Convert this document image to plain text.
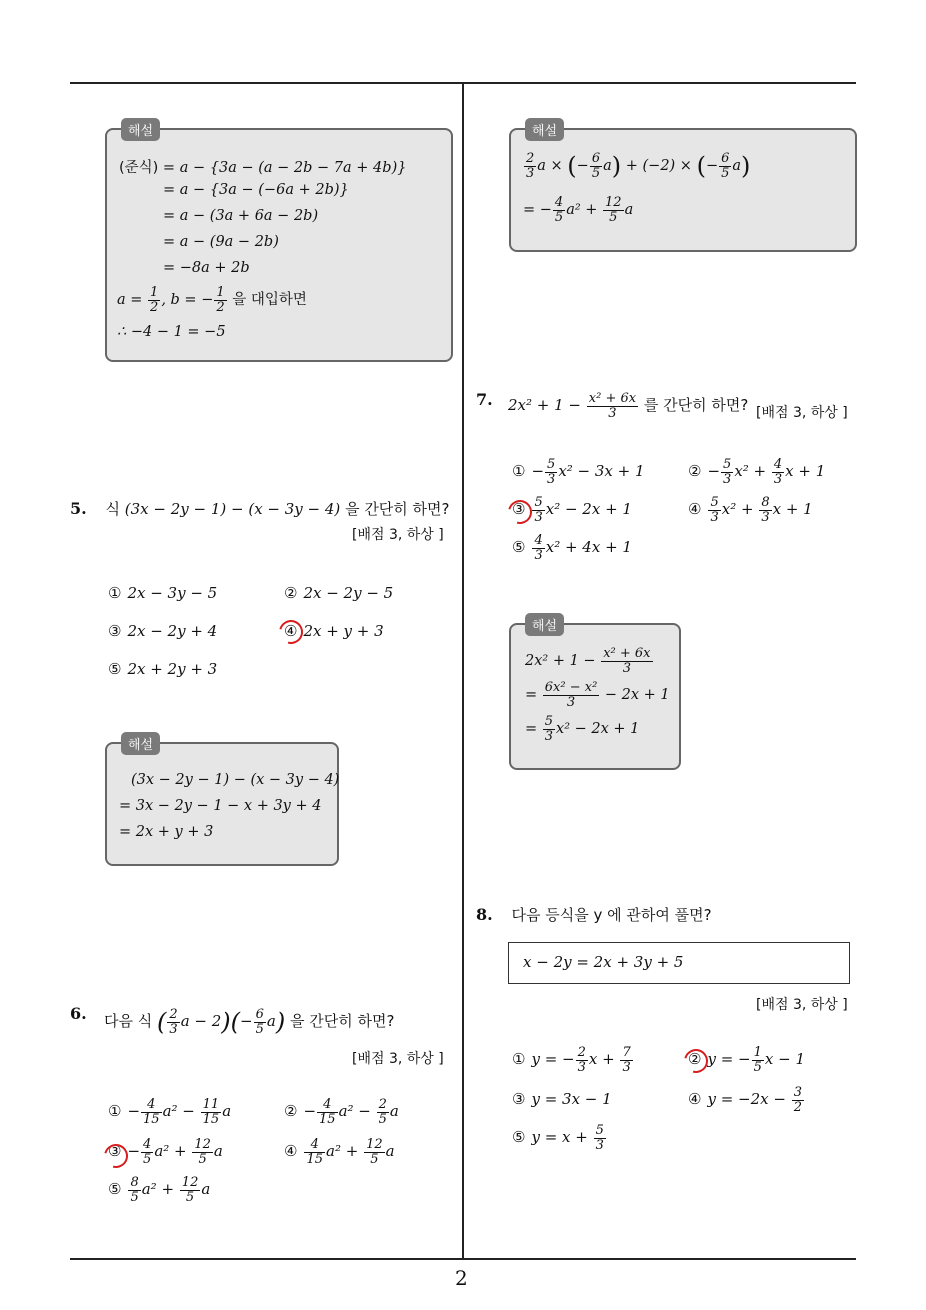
2
해설
(준식) = a − {3a − (a − 2b − 7a + 4b)}
= a − {3a − (−6a + 2b)}
= a − (3a + 6a − 2b)
= a − (9a − 2b)
= −8a + 2b
$a = \frac{1}{2}$ , b = − $\frac{1}{2}$ 을 대입하면
∴ −4 − 1 = −5
5. 식 (3x − 2y − 1) − (x − 3y − 4) 을 간단히 하면?
[배점 3, 하상 ]
① 2x − 3y − 5	② 2x − 2y − 5
③ 2x − 2y + 4	④ 2x + y + 3
⑤ 2x + 2y + 3
해설
(3x − 2y − 1) − (x − 3y − 4)
= 3x − 2y − 1 − x + 3y + 4
= 2x + y + 3
6. 다음 식 ( $\frac{2}{3}$ $a - 2)(- \frac{6}{5} a)$ 을 간단히 하면?
[배점 3, 하상 ]
① − $\frac{4}{15} a^2 - \frac{11}{15}$ a	② − $\frac{4}{15} a^2 - \frac{2}{5}$ a
③ − $\frac{4}{5} a^2 + \frac{12}{5}$ a	④ $\frac{4}{15} a^2 + \frac{12}{5}$ a
⑤ $\frac{8}{5} a^2 + \frac{12}{5}$ a
해설
$\frac{2}{3}$ a × (− $\frac{6}{5} a) + (-2)$ × (− $\frac{6}{5} a$)
= − $\frac{4}{5} a^2 + \frac{12}{5}$ a
7. $2x^2 + 1 - \frac{\text{x² + 6x}}{3}$ 를 간단히 하면? [배점 3, 하상 ]
① − $\frac{5}{3} x^2 - 3x + 1$	② − $\frac{5}{3} x^2 + \frac{4}{3}$ x + 1
③ $\frac{5}{3} x^2 - 2x + 1$	④ $\frac{5}{3} x^2 + \frac{8}{3}$ x + 1
⑤ $\frac{4}{3} x^2 + 4x + 1$
해설
$2x^2 + 1 - \frac{\text{x² + 6x}}{3}$
= $\frac{\text{6x² − x²}}{3} - 2x + 1$
= $\frac{5}{3} x^2 - 2x + 1$
8. 다음 등식을 y 에 관하여 풀면?
x − 2y = 2x + 3y + 5
[배점 3, 하상 ]
① y = − $\frac{2}{3}$ $x + \frac{7}{3}$	② y = − $\frac{1}{5}$ x − 1
③ y = 3x − 1	④ $y = -2x - \frac{3}{2}$
⑤ $y = x + \frac{5}{3}$
